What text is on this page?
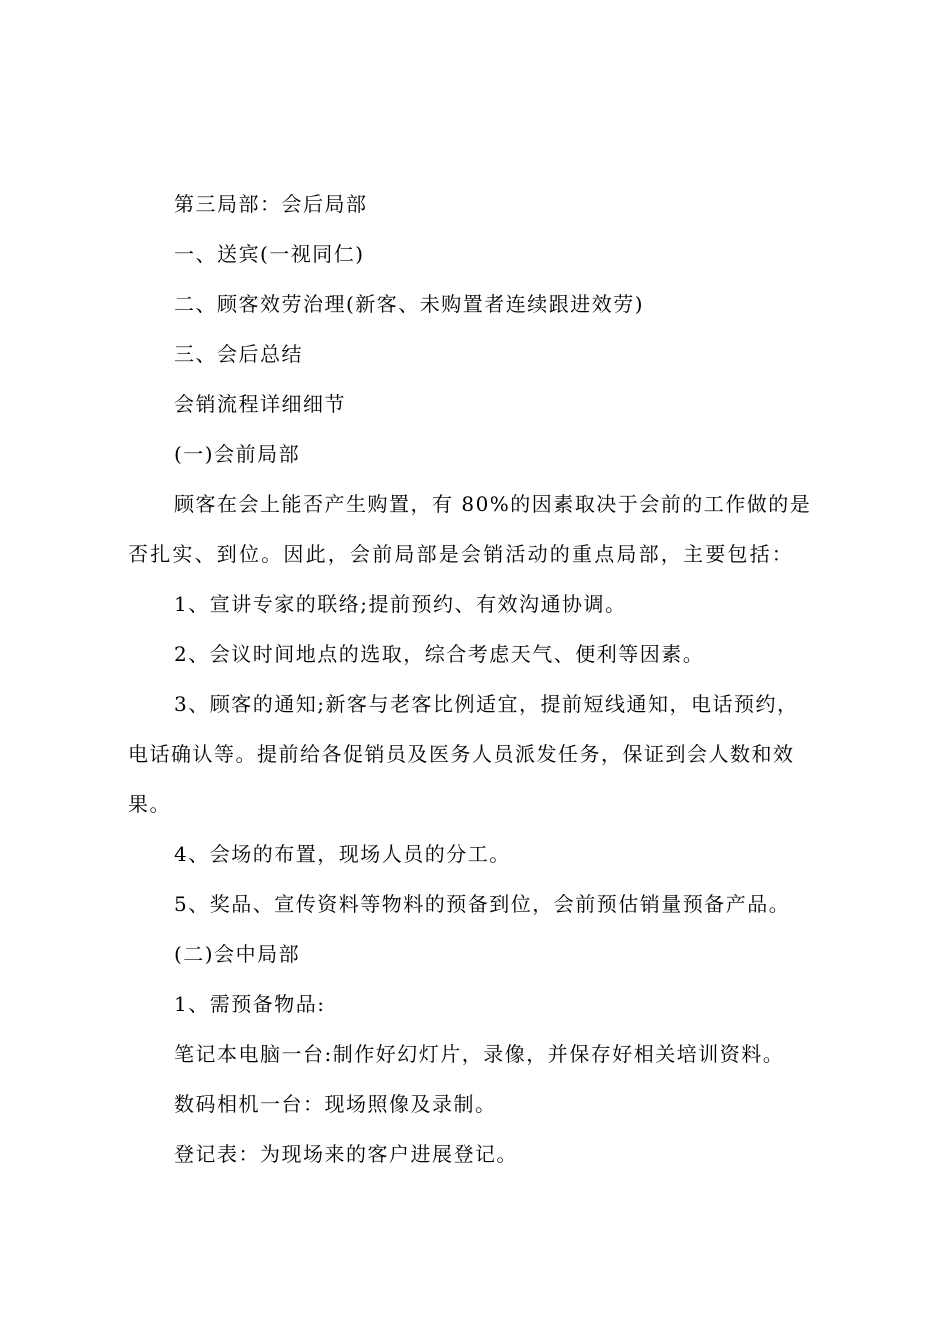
第三局部：会后局部
一、送宾(一视同仁)
二、顾客效劳治理(新客、未购置者连续跟进效劳)
三、会后总结
会销流程详细细节
(一)会前局部
顾客在会上能否产生购置，有 80%的因素取决于会前的工作做的是
否扎实、到位。因此，会前局部是会销活动的重点局部，主要包括：
1、宣讲专家的联络;提前预约、有效沟通协调。
2、会议时间地点的选取，综合考虑天气、便利等因素。
3、顾客的通知;新客与老客比例适宜，提前短线通知，电话预约，
电话确认等。提前给各促销员及医务人员派发任务，保证到会人数和效
果。
4、会场的布置，现场人员的分工。
5、奖品、宣传资料等物料的预备到位，会前预估销量预备产品。
(二)会中局部
1、需预备物品:
笔记本电脑一台:制作好幻灯片，录像，并保存好相关培训资料。
数码相机一台：现场照像及录制。
登记表：为现场来的客户进展登记。
